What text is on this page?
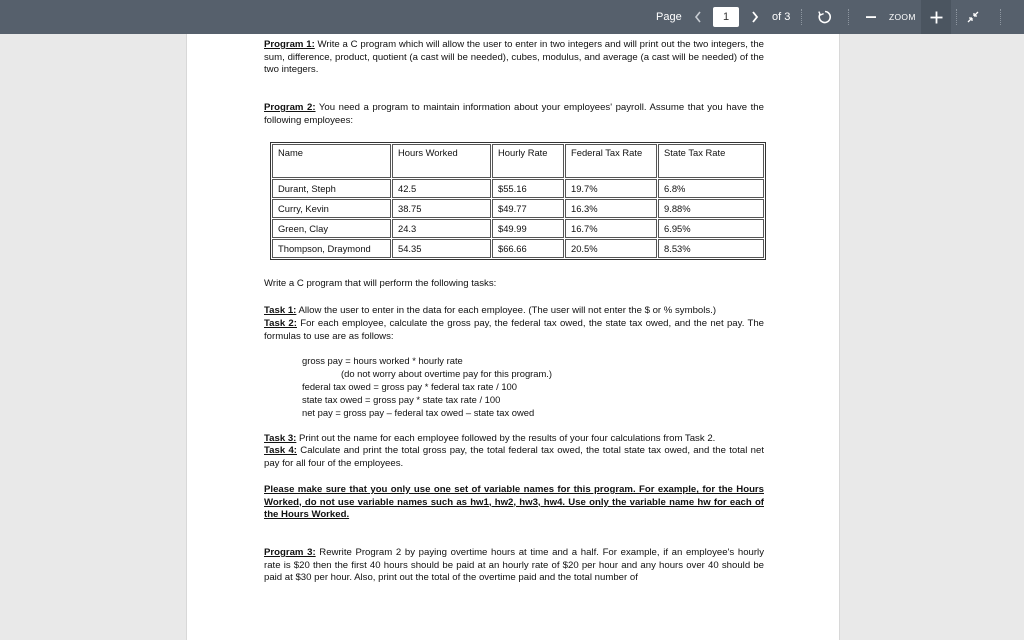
Page
1	of 3	ZOOM

Program 1: Write a C program which will allow the user to enter in two integers and will print out the two integers, the sum, difference, product, quotient (a cast will be needed), cubes, modulus, and average (a cast will be needed) of the two integers.

Program 2: You need a program to maintain information about your employees' payroll. Assume that you have the following employees:

Name	Hours Worked	Hourly Rate	Federal Tax Rate	State Tax Rate
Durant, Steph	42.5	$55.16	19.7%	6.8%
Curry, Kevin	38.75	$49.77	16.3%	9.88%
Green, Clay	24.3	$49.99	16.7%	6.95%
Thompson, Draymond	54.35	$66.66	20.5%	8.53%

Write a C program that will perform the following tasks:

Task 1: Allow the user to enter in the data for each employee. (The user will not enter the $ or % symbols.)

Task 2: For each employee, calculate the gross pay, the federal tax owed, the state tax owed, and the net pay. The formulas to use are as follows:

gross pay = hours worked * hourly rate
(do not worry about overtime pay for this program.)
federal tax owed = gross pay * federal tax rate / 100
state tax owed = gross pay * state tax rate / 100
net pay = gross pay – federal tax owed – state tax owed

Task 3: Print out the name for each employee followed by the results of your four calculations from Task 2.

Task 4: Calculate and print the total gross pay, the total federal tax owed, the total state tax owed, and the total net pay for all four of the employees.

Please make sure that you only use one set of variable names for this program. For example, for the Hours Worked, do not use variable names such as hw1, hw2, hw3, hw4. Use only the variable name hw for each of the Hours Worked.

Program 3: Rewrite Program 2 by paying overtime hours at time and a half. For example, if an employee's hourly rate is $20 then the first 40 hours should be paid at an hourly rate of $20 per hour and any hours over 40 should be paid at $30 per hour. Also, print out the total of the overtime paid and the total number of
